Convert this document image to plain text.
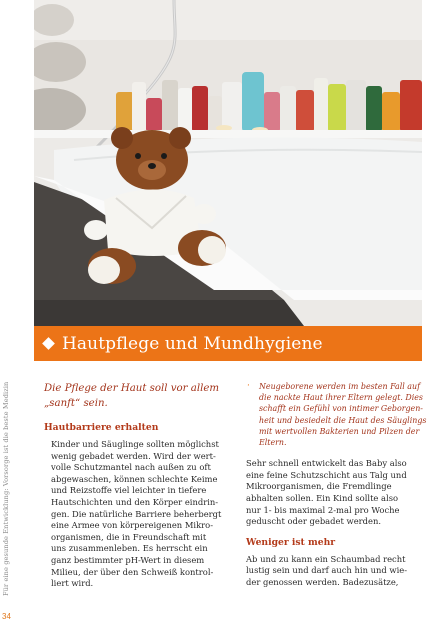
Für eine gesunde Entwicklung: Vorsorge ist die beste Medizin
34
Hautpflege und Mundhygiene
Die Pflege der Haut soll vor allem
„sanft“ sein.
Hautbarriere erhalten
Kinder und Säuglinge sollten möglichst
wenig gebadet werden. Wird der wert-
volle Schutzmantel nach außen zu oft
abgewaschen, können schlechte Keime
und Reizstoffe viel leichter in tiefere
Hautschichten und den Körper eindrin-
gen. Die natürliche Barriere beherbergt
eine Armee von körpereigenen Mikro-
organismen, die in Freundschaft mit
uns zusammenleben. Es herrscht ein
ganz bestimmter pH-Wert in diesem
Milieu, der über den Schweiß kontrol-
liert wird.
· Neugeborene werden im besten Fall auf
die nackte Haut ihrer Eltern gelegt. Dies
schafft ein Gefühl von intimer Geborgen-
heit und besiedelt die Haut des Säuglings
mit wertvollen Bakterien und Pilzen der
Eltern.
Sehr schnell entwickelt das Baby also
eine feine Schutzschicht aus Talg und
Mikroorganismen, die Fremdlinge
abhalten sollen. Ein Kind sollte also
nur 1- bis maximal 2-mal pro Woche
geduscht oder gebadet werden.
Weniger ist mehr
Ab und zu kann ein Schaumbad recht
lustig sein und darf auch hin und wie-
der genossen werden. Badezusätze,
